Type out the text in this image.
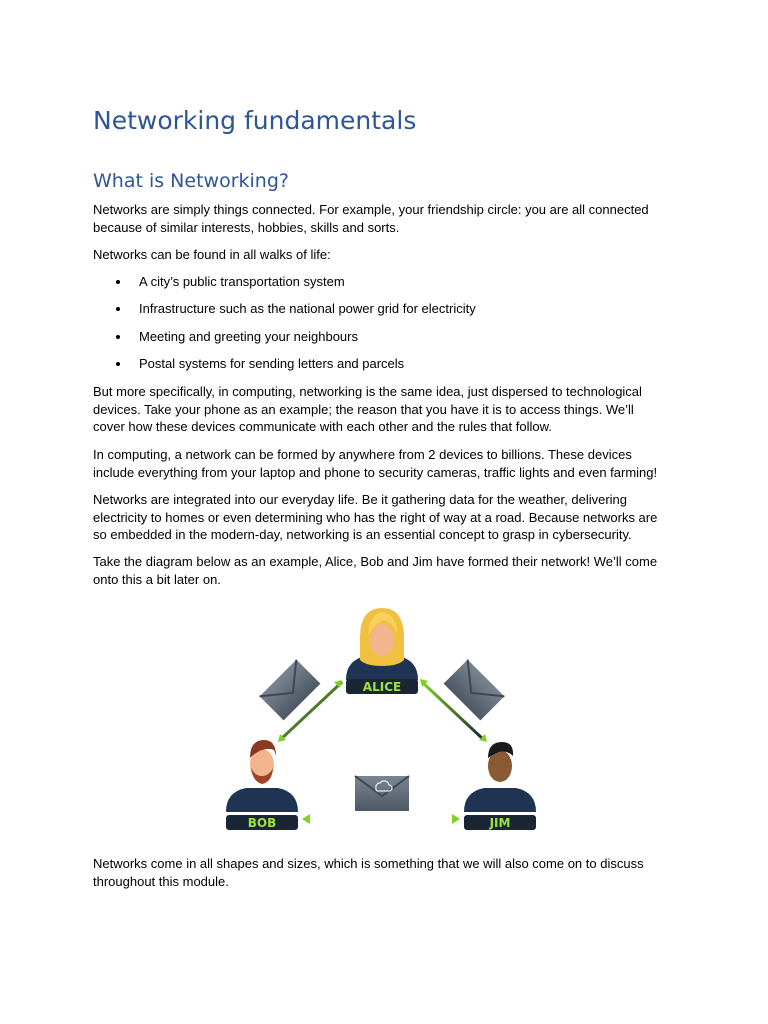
Networking fundamentals
What is Networking?

Networks are simply things connected. For example, your friendship circle: you are all connected because of similar interests, hobbies, skills and sorts.

Networks can be found in all walks of life:

A city’s public transportation system
Infrastructure such as the national power grid for electricity
Meeting and greeting your neighbours
Postal systems for sending letters and parcels

But more specifically, in computing, networking is the same idea, just dispersed to technological devices. Take your phone as an example; the reason that you have it is to access things. We’ll cover how these devices communicate with each other and the rules that follow.

In computing, a network can be formed by anywhere from 2 devices to billions. These devices include everything from your laptop and phone to security cameras, traffic lights and even farming!

Networks are integrated into our everyday life. Be it gathering data for the weather, delivering electricity to homes or even determining who has the right of way at a road. Because networks are so embedded in the modern-day, networking is an essential concept to grasp in cybersecurity.

Take the diagram below as an example, Alice, Bob and Jim have formed their network! We’ll come onto this a bit later on.

Networks come in all shapes and sizes, which is something that we will also come on to discuss throughout this module.

ALICE
BOB	JIM
